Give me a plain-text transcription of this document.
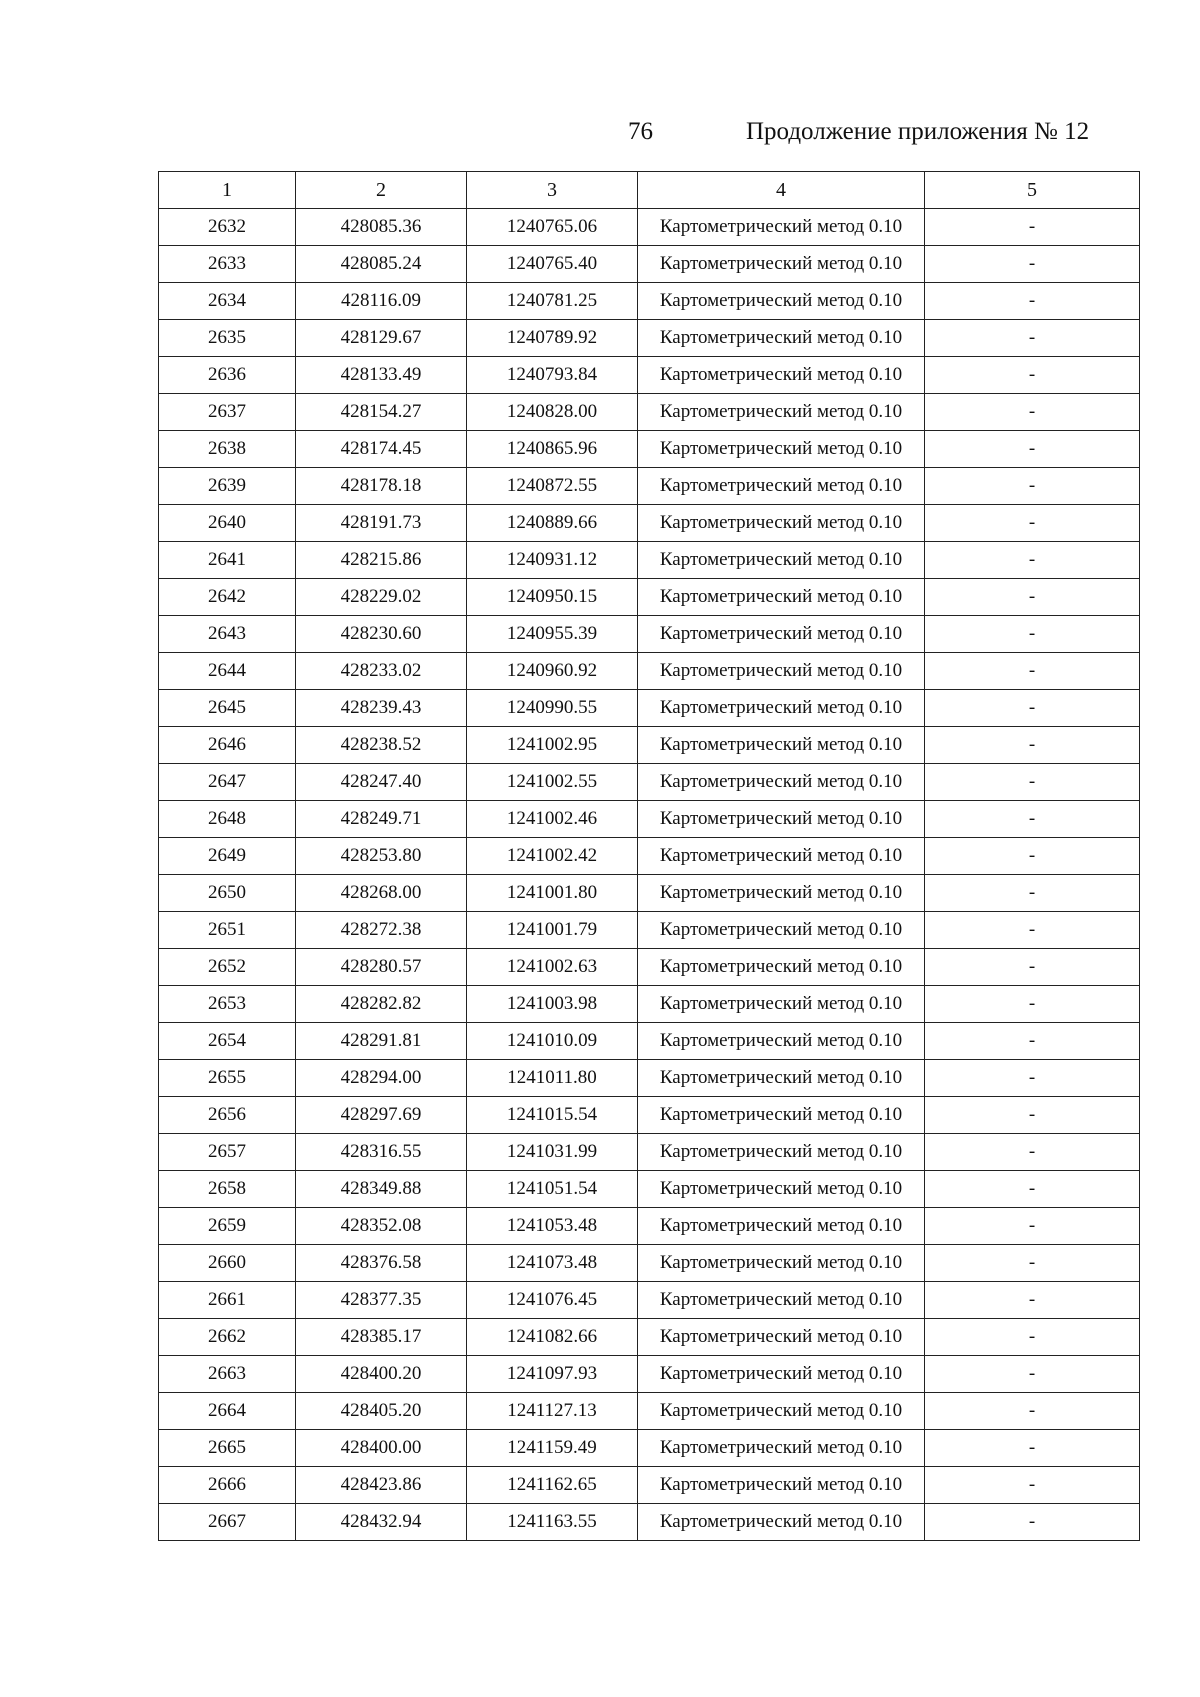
76	Продолжение приложения № 12
1	2	3	4	5
2632	428085.36	1240765.06	Картометрический метод 0.10	-
2633	428085.24	1240765.40	Картометрический метод 0.10	-
2634	428116.09	1240781.25	Картометрический метод 0.10	-
2635	428129.67	1240789.92	Картометрический метод 0.10	-
2636	428133.49	1240793.84	Картометрический метод 0.10	-
2637	428154.27	1240828.00	Картометрический метод 0.10	-
2638	428174.45	1240865.96	Картометрический метод 0.10	-
2639	428178.18	1240872.55	Картометрический метод 0.10	-
2640	428191.73	1240889.66	Картометрический метод 0.10	-
2641	428215.86	1240931.12	Картометрический метод 0.10	-
2642	428229.02	1240950.15	Картометрический метод 0.10	-
2643	428230.60	1240955.39	Картометрический метод 0.10	-
2644	428233.02	1240960.92	Картометрический метод 0.10	-
2645	428239.43	1240990.55	Картометрический метод 0.10	-
2646	428238.52	1241002.95	Картометрический метод 0.10	-
2647	428247.40	1241002.55	Картометрический метод 0.10	-
2648	428249.71	1241002.46	Картометрический метод 0.10	-
2649	428253.80	1241002.42	Картометрический метод 0.10	-
2650	428268.00	1241001.80	Картометрический метод 0.10	-
2651	428272.38	1241001.79	Картометрический метод 0.10	-
2652	428280.57	1241002.63	Картометрический метод 0.10	-
2653	428282.82	1241003.98	Картометрический метод 0.10	-
2654	428291.81	1241010.09	Картометрический метод 0.10	-
2655	428294.00	1241011.80	Картометрический метод 0.10	-
2656	428297.69	1241015.54	Картометрический метод 0.10	-
2657	428316.55	1241031.99	Картометрический метод 0.10	-
2658	428349.88	1241051.54	Картометрический метод 0.10	-
2659	428352.08	1241053.48	Картометрический метод 0.10	-
2660	428376.58	1241073.48	Картометрический метод 0.10	-
2661	428377.35	1241076.45	Картометрический метод 0.10	-
2662	428385.17	1241082.66	Картометрический метод 0.10	-
2663	428400.20	1241097.93	Картометрический метод 0.10	-
2664	428405.20	1241127.13	Картометрический метод 0.10	-
2665	428400.00	1241159.49	Картометрический метод 0.10	-
2666	428423.86	1241162.65	Картометрический метод 0.10	-
2667	428432.94	1241163.55	Картометрический метод 0.10	-
